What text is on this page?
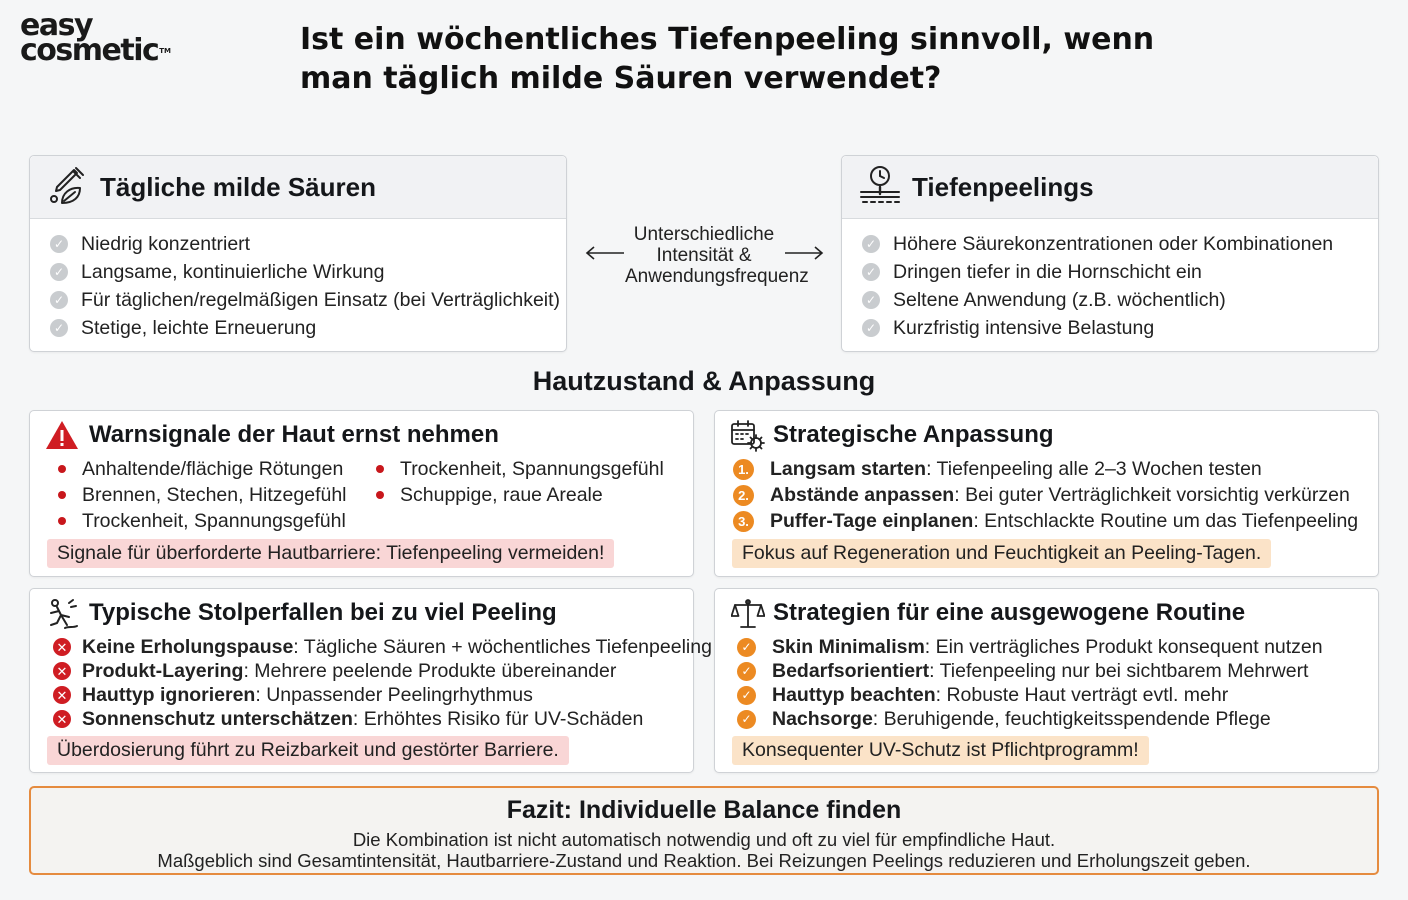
easy
cosmetic™	Ist ein wöchentliches Tiefenpeeling sinnvoll, wenn man täglich milde Säuren verwendet?
Tägliche milde Säuren
✓ Niedrig konzentriert
✓ Langsame, kontinuierliche Wirkung
✓ Für täglichen/regelmäßigen Einsatz (bei Verträglichkeit)
✓ Stetige, leichte Erneuerung
Unterschiedliche Intensität & Anwendungsfrequenz
Tiefenpeelings
✓ Höhere Säurekonzentrationen oder Kombinationen
✓ Dringen tiefer in die Hornschicht ein
✓ Seltene Anwendung (z.B. wöchentlich)
✓ Kurzfristig intensive Belastung
Hautzustand & Anpassung
Warnsignale der Haut ernst nehmen
Anhaltende/flächige Rötungen
Brennen, Stechen, Hitzegefühl
Trockenheit, Spannungsgefühl
Trockenheit, Spannungsgefühl
Schuppige, raue Areale
Signale für überforderte Hautbarriere: Tiefenpeeling vermeiden!
Strategische Anpassung
1. Langsam starten : Tiefenpeeling alle 2–3 Wochen testen
2. Abstände anpassen : Bei guter Verträglichkeit vorsichtig verkürzen
3. Puffer-Tage einplanen : Entschlackte Routine um das Tiefenpeeling
Fokus auf Regeneration und Feuchtigkeit an Peeling-Tagen.
Typische Stolperfallen bei zu viel Peeling
✕ Keine Erholungspause : Tägliche Säuren + wöchentliches Tiefenpeeling
✕ Produkt-Layering : Mehrere peelende Produkte übereinander
✕ Hauttyp ignorieren : Unpassender Peelingrhythmus
✕ Sonnenschutz unterschätzen : Erhöhtes Risiko für UV-Schäden
Überdosierung führt zu Reizbarkeit und gestörter Barriere.
Strategien für eine ausgewogene Routine
✓ Skin Minimalism : Ein verträgliches Produkt konsequent nutzen
✓ Bedarfsorientiert : Tiefenpeeling nur bei sichtbarem Mehrwert
✓ Hauttyp beachten : Robuste Haut verträgt evtl. mehr
✓ Nachsorge : Beruhigende, feuchtigkeitsspendende Pflege
Konsequenter UV-Schutz ist Pflichtprogramm!
Fazit: Individuelle Balance finden
Die Kombination ist nicht automatisch notwendig und oft zu viel für empfindliche Haut.
Maßgeblich sind Gesamtintensität, Hautbarriere-Zustand und Reaktion. Bei Reizungen Peelings reduzieren und Erholungszeit geben.
